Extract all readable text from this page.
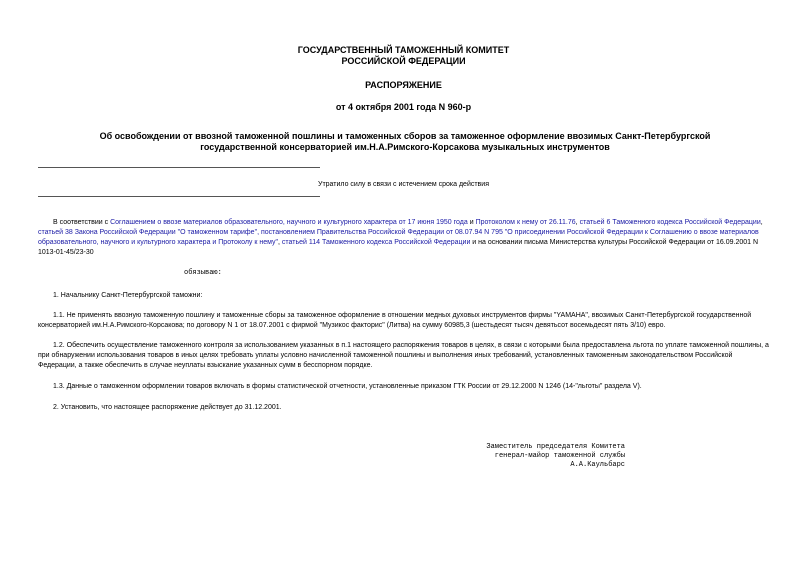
ГОСУДАРСТВЕННЫЙ ТАМОЖЕННЫЙ КОМИТЕТ
РОССИЙСКОЙ ФЕДЕРАЦИИ
РАСПОРЯЖЕНИЕ
от 4 октября 2001 года N 960-р
Об освобождении от ввозной таможенной пошлины и таможенных сборов за таможенное оформление ввозимых Санкт-Петербургской государственной консерваторией им.Н.А.Римского-Корсакова музыкальных инструментов
Утратило силу в связи с истечением срока действия

В соответствии с Соглашением о ввозе материалов образовательного, научного и культурного характера от 17 июня 1950 года и Протоколом к нему от 26.11.76, статьей 6 Таможенного кодекса Российской Федерации, статьей 38 Закона Российской Федерации "О таможенном тарифе", постановлением Правительства Российской Федерации от 08.07.94 N 795 "О присоединении Российской Федерации к Соглашению о ввозе материалов образовательного, научного и культурного характера и Протоколу к нему", статьей 114 Таможенного кодекса Российской Федерации и на основании письма Министерства культуры Российской Федерации от 16.09.2001 N 1013-01-45/23-30

обязываю:

1. Начальнику Санкт-Петербургской таможни:

1.1. Не применять ввозную таможенную пошлину и таможенные сборы за таможенное оформление в отношении медных духовых инструментов фирмы "YAMAHA", ввозимых Санкт-Петербургской государственной консерваторией им.Н.А.Римского-Корсакова; по договору N 1 от 18.07.2001 с фирмой "Музикос факторис" (Литва) на сумму 60985,3 (шестьдесят тысяч девятьсот восемьдесят пять 3/10) евро.

1.2. Обеспечить осуществление таможенного контроля за использованием указанных в п.1 настоящего распоряжения товаров в целях, в связи с которыми была предоставлена льгота по уплате таможенной пошлины, а при обнаружении использования товаров в иных целях требовать уплаты условно начисленной таможенной пошлины и выполнения иных требований, установленных таможенным законодательством Российской Федерации, а также обеспечить в случае неуплаты взыскание указанных сумм в бесспорном порядке.

1.3. Данные о таможенном оформлении товаров включать в формы статистической отчетности, установленные приказом ГТК России от 29.12.2000 N 1246 (14-"льготы" раздела V).

2. Установить, что настоящее распоряжение действует до 31.12.2001.

Заместитель председателя Комитета
генерал-майор таможенной службы
А.А.Каульбарс
